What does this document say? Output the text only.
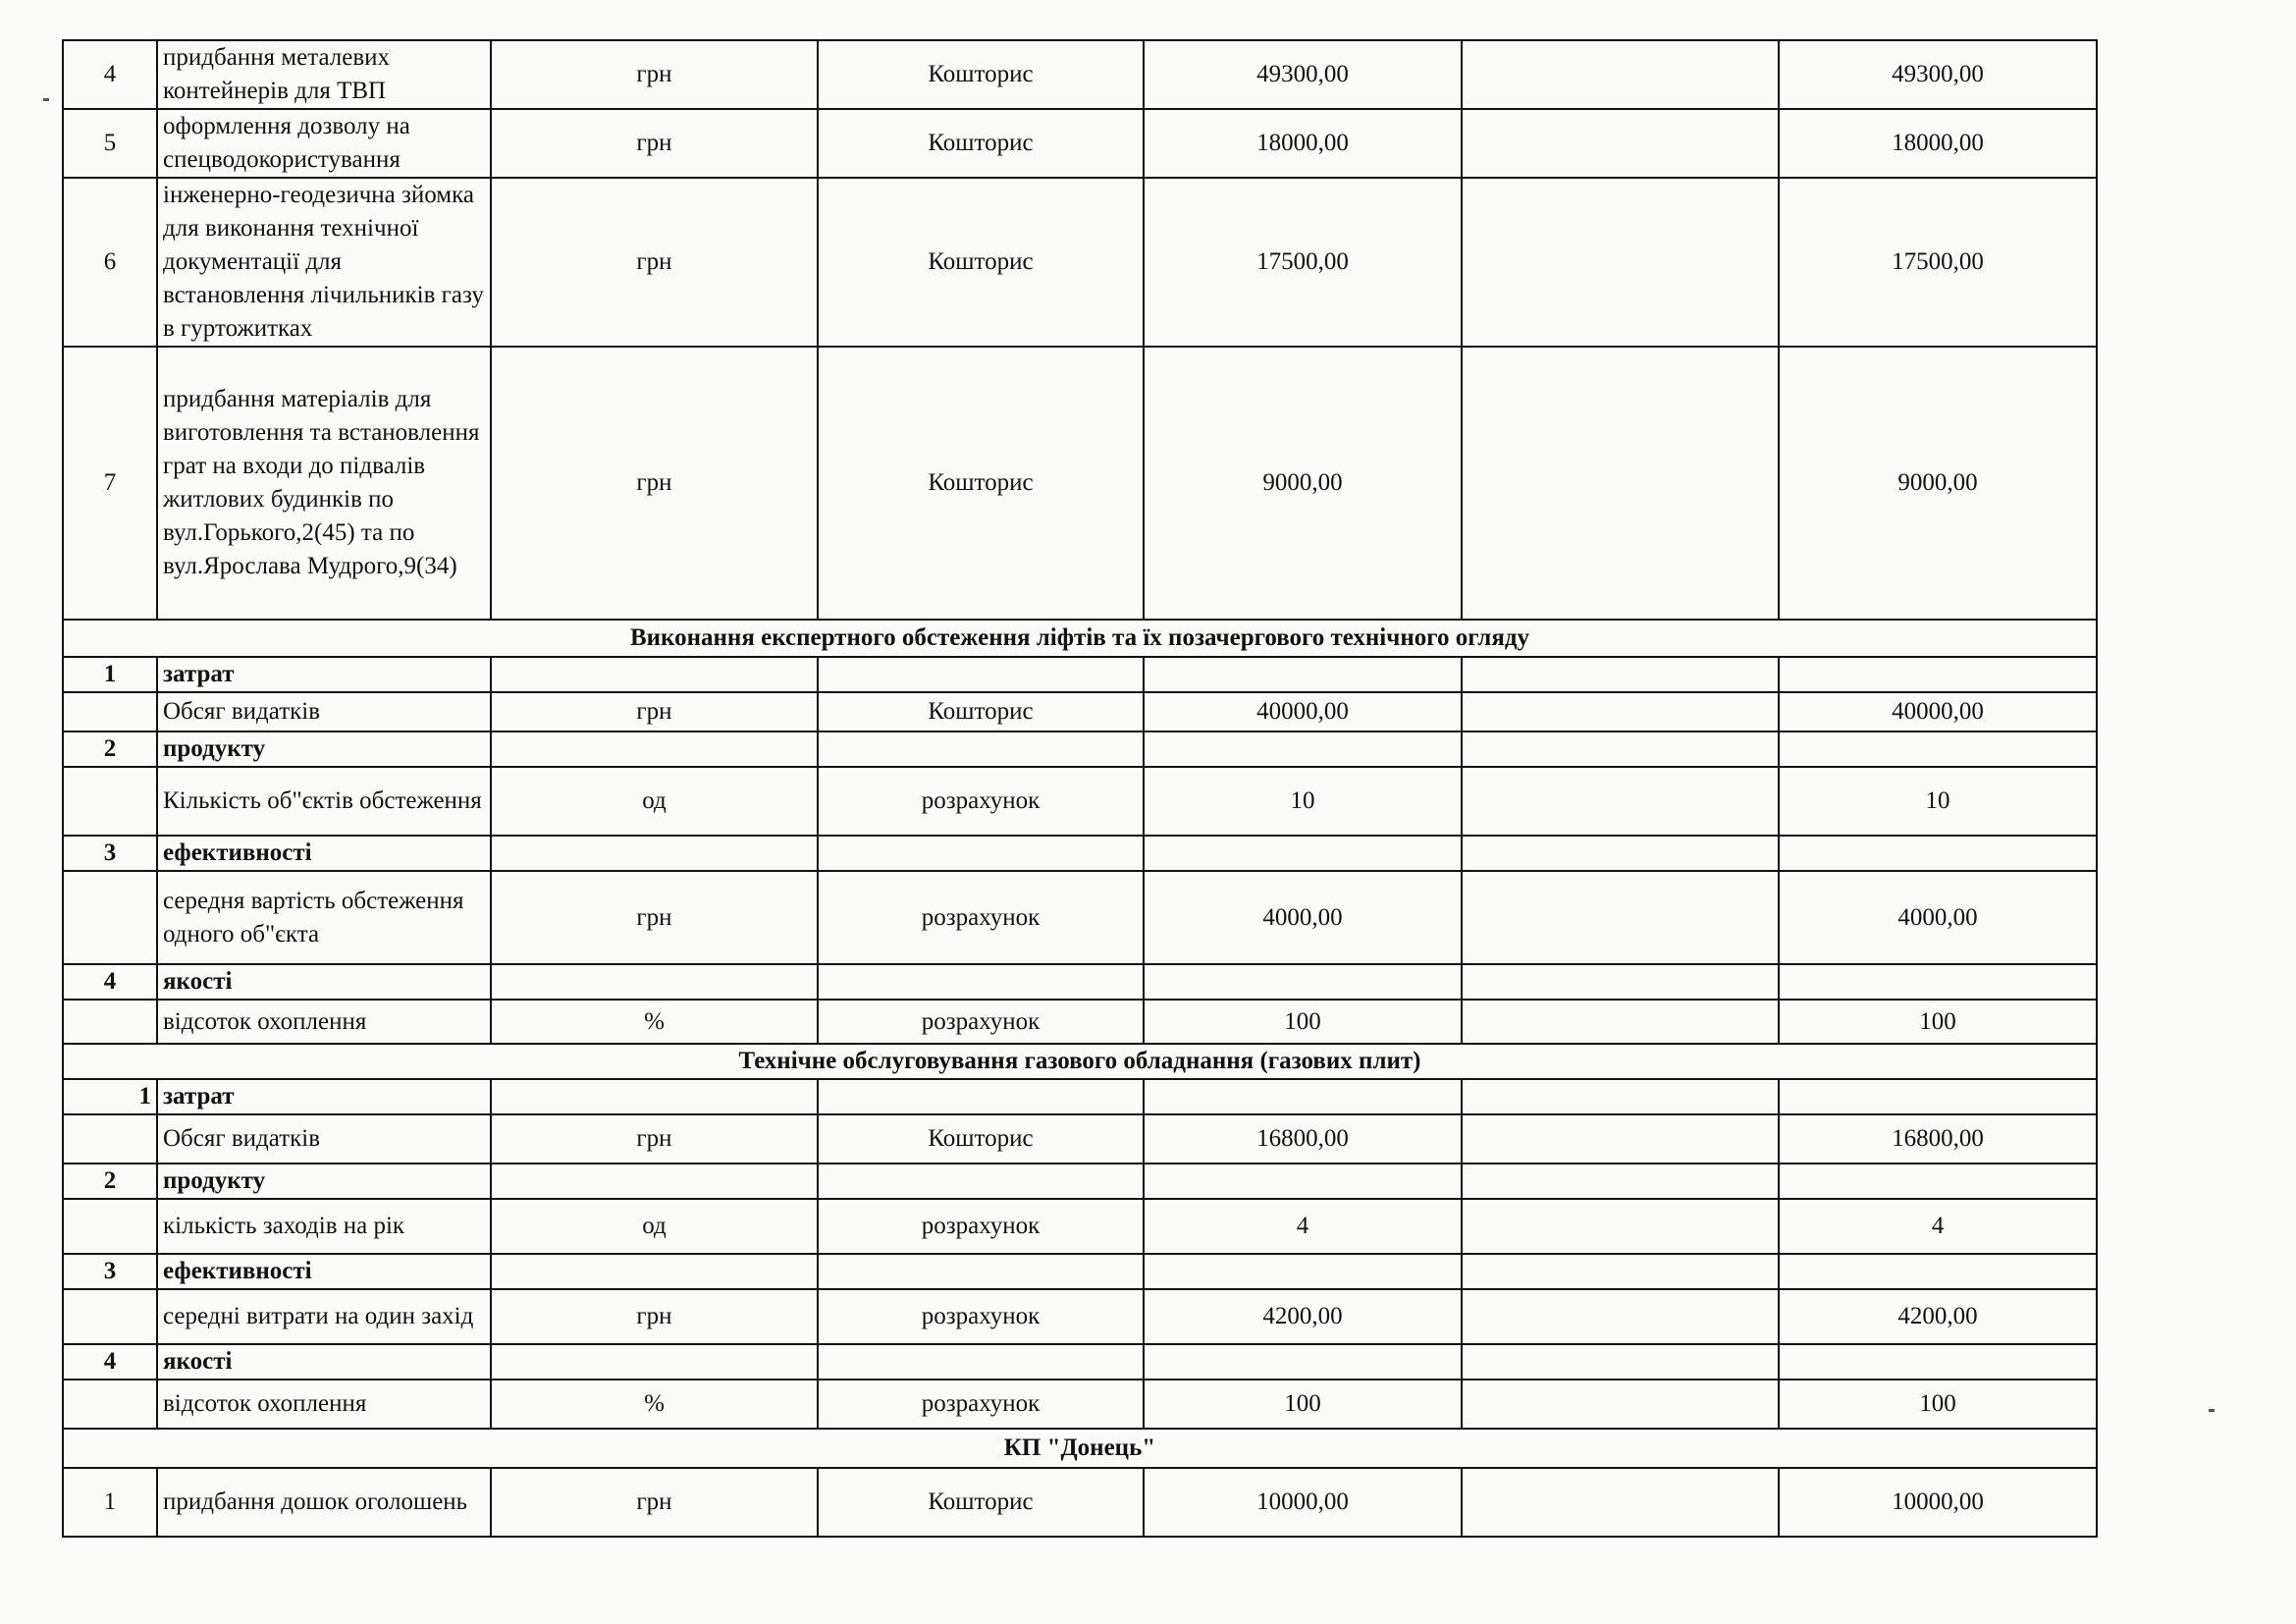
4	придбання металевих контейнерів для ТВП	грн	Кошторис	49300,00		49300,00
5	оформлення дозволу на спецводокористування	грн	Кошторис	18000,00		18000,00
6	інженерно-геодезична зйомка для виконання технічної документації для встановлення лічильників газу в гуртожитках	грн	Кошторис	17500,00		17500,00
7	придбання матеріалів для виготовлення та встановлення грат на входи до підвалів житлових будинків по вул.Горького,2(45) та по вул.Ярослава Мудрого,9(34)	грн	Кошторис	9000,00		9000,00
Виконання експертного обстеження ліфтів та їх позачергового технічного огляду						
1	затрат					
	Обсяг видатків	грн	Кошторис	40000,00		40000,00
2	продукту					
	Кількість об"єктів обстеження	од	розрахунок	10		10
3	ефективності					
	середня вартість обстеження одного об"єкта	грн	розрахунок	4000,00		4000,00
4	якості					
	відсоток охоплення	%	розрахунок	100		100
Технічне обслуговування газового обладнання (газових плит)						
1	затрат					
	Обсяг видатків	грн	Кошторис	16800,00		16800,00
2	продукту					
	кількість заходів на рік	од	розрахунок	4		4
3	ефективності					
	середні витрати на один захід	грн	розрахунок	4200,00		4200,00
4	якості					
	відсоток охоплення	%	розрахунок	100		100
КП "Донець"						
1	придбання дошок оголошень	грн	Кошторис	10000,00		10000,00
